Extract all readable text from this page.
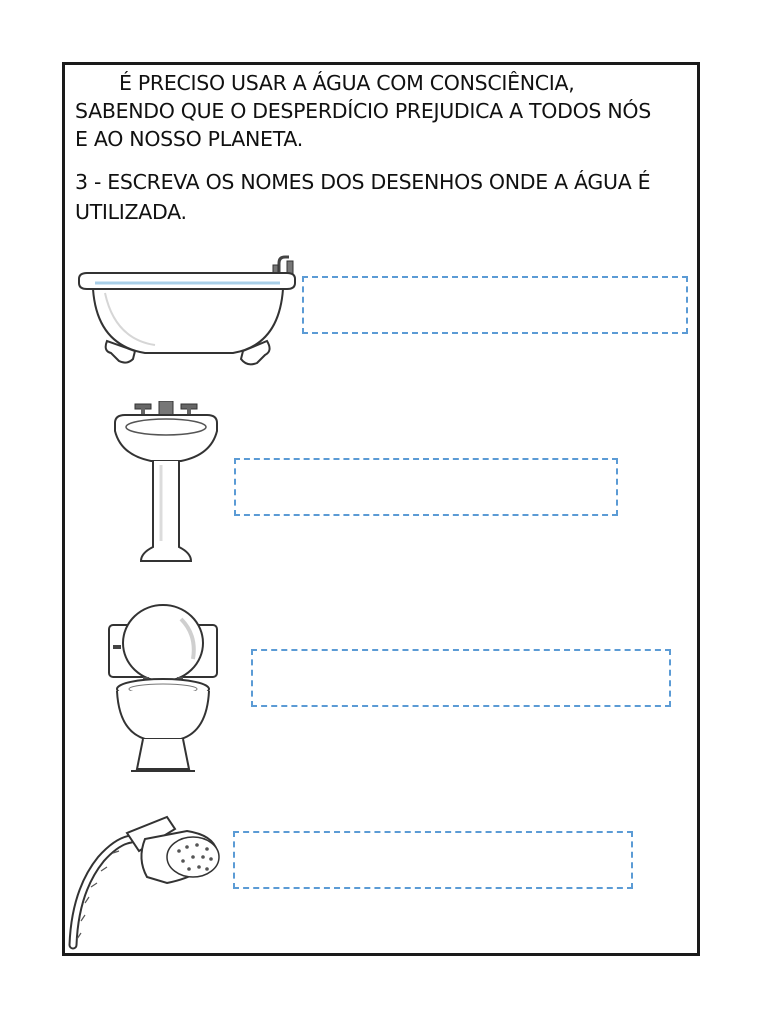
É PRECISO USAR A ÁGUA COM CONSCIÊNCIA,
SABENDO QUE O DESPERDÍCIO PREJUDICA A TODOS NÓS
E AO NOSSO PLANETA.
3 - ESCREVA OS NOMES DOS DESENHOS ONDE A ÁGUA É
UTILIZADA.
